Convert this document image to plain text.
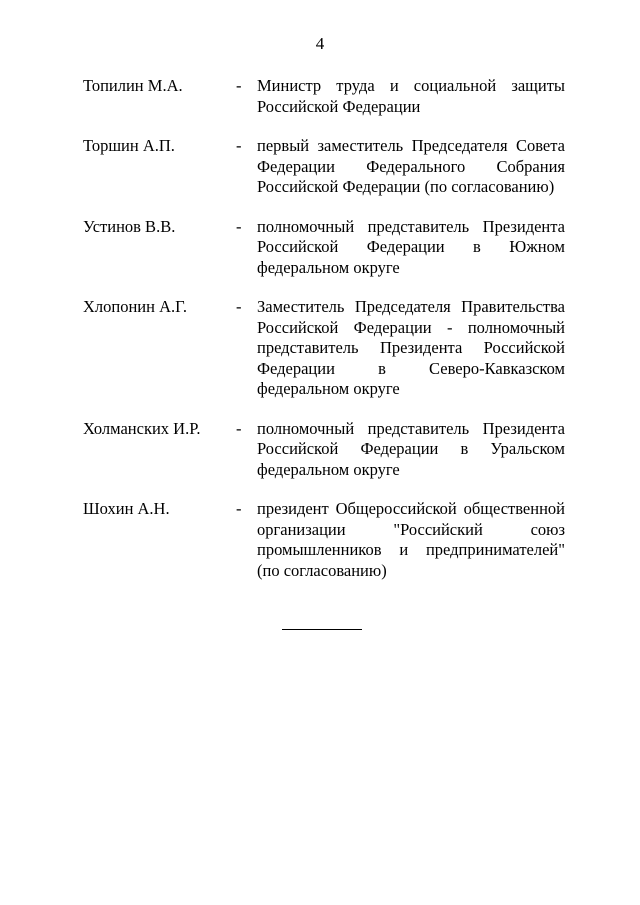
4
Топилин М.А.	- Министр труда и социальной защиты
Российской Федерации
Торшин А.П.	- первый заместитель Председателя Совета
Федерации Федерального Собрания
Российской Федерации (по согласованию)
Устинов В.В.	- полномочный представитель Президента
Российской Федерации в Южном
федеральном округе
Хлопонин А.Г.	- Заместитель Председателя Правительства
Российской Федерации - полномочный
представитель Президента Российской
Федерации в Северо-Кавказском
федеральном округе
Холманских И.Р. - полномочный представитель Президента
Российской Федерации в Уральском
федеральном округе
Шохин А.Н.	- президент Общероссийской общественной
организации "Российский союз
промышленников и предпринимателей"
(по согласованию)
